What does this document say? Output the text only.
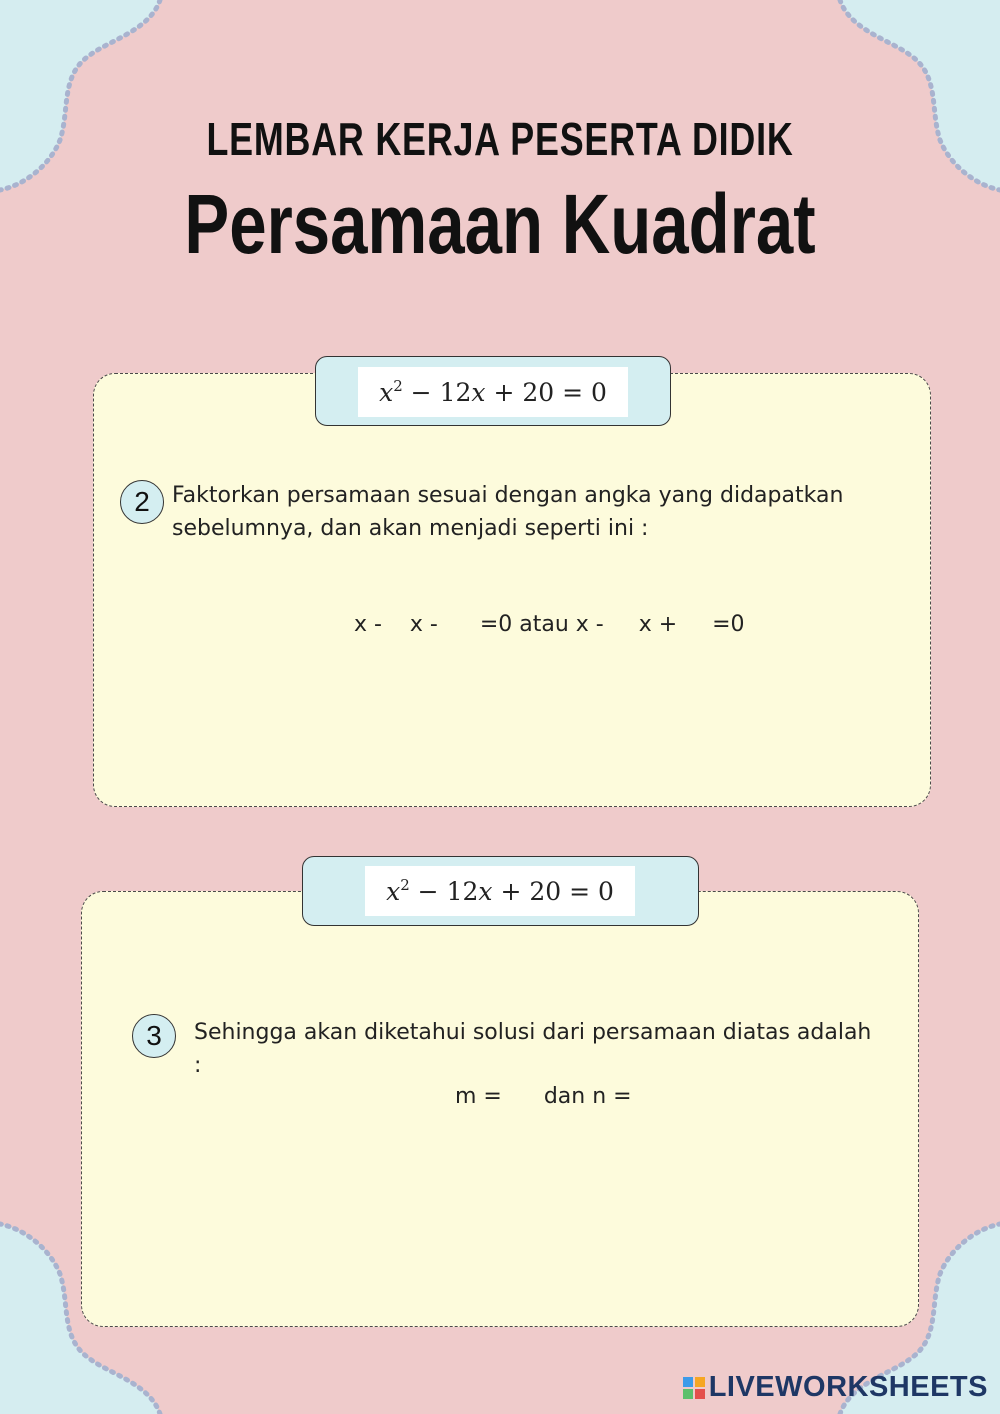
LEMBAR KERJA PESERTA DIDIK
Persamaan Kuadrat
$x^2 - 12$ x + 20 = 0
2	Faktorkan persamaan sesuai dengan angka yang didapatkan sebelumnya, dan akan menjadi seperti ini :
x -    x -      =0 atau x -     x +     =0
$x^2 - 12$ x + 20 = 0
3	Sehingga akan diketahui solusi dari persamaan diatas adalah :
m =      dan n =
LIVEWORKSHEETS
